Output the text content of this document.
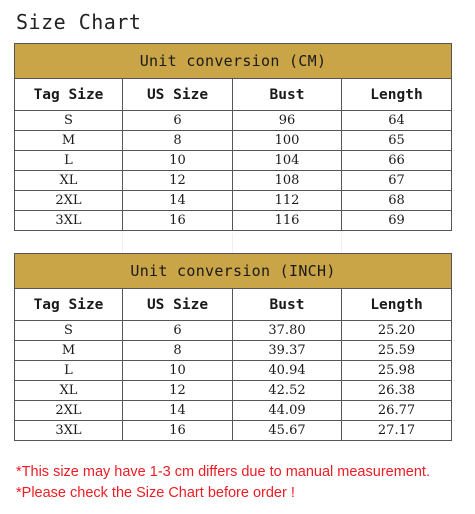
Size Chart
Unit conversion (CM)			
Tag Size	US Size	Bust	Length
S	6	96	64
M	8	100	65
L	10	104	66
XL	12	108	67
2XL	14	112	68
3XL	16	116	69
Unit conversion (INCH)			
Tag Size	US Size	Bust	Length
S	6	37.80	25.20
M	8	39.37	25.59
L	10	40.94	25.98
XL	12	42.52	26.38
2XL	14	44.09	26.77
3XL	16	45.67	27.17
*This size may have 1-3 cm differs due to manual measurement.
*Please check the Size Chart before order !
